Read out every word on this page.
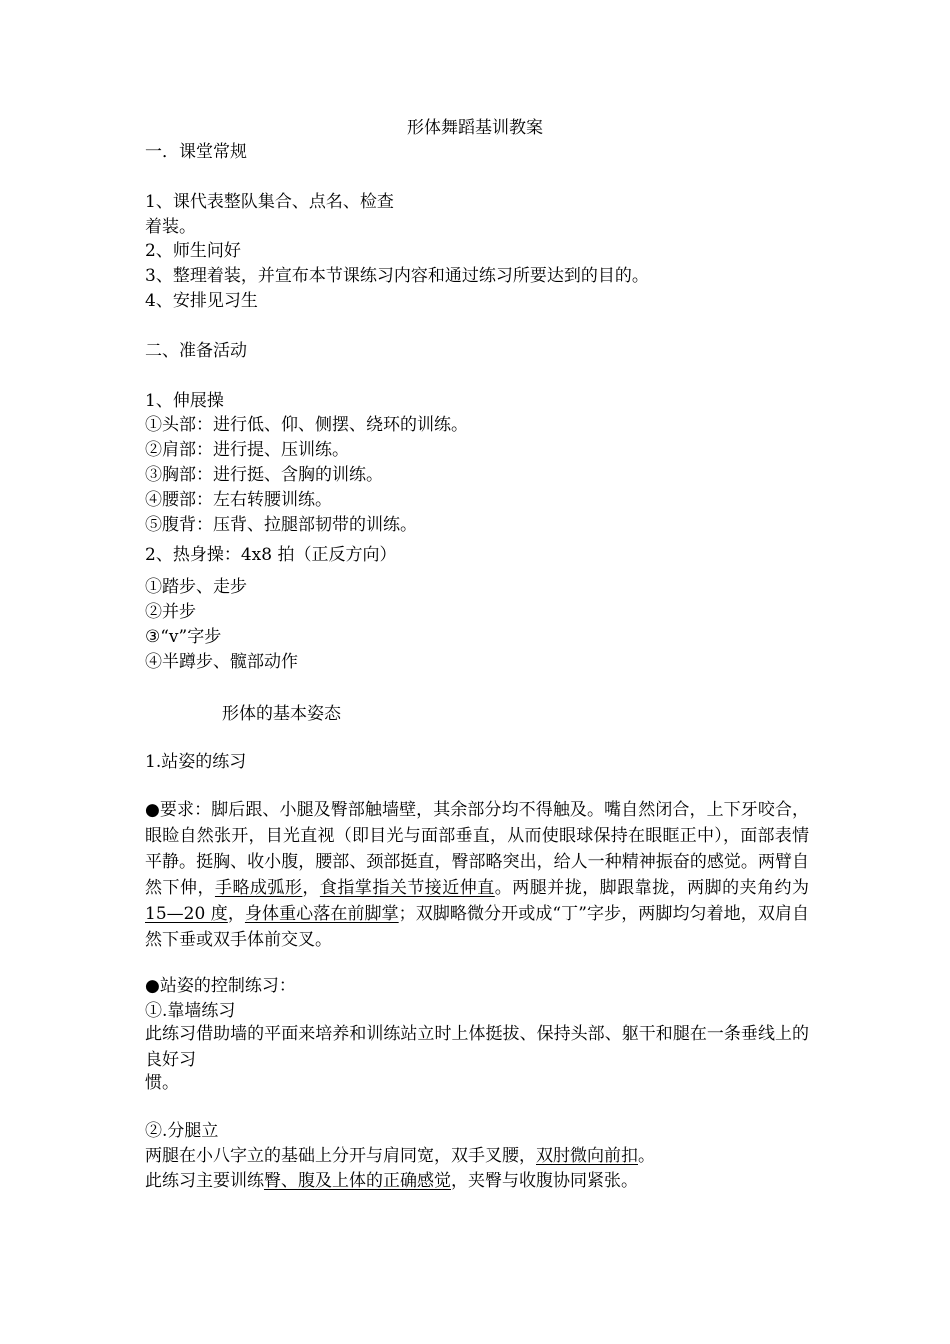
形体舞蹈基训教案
一．课堂常规
1、课代表整队集合、点名、检查
着装。
2、师生问好
3、整理着装，并宣布本节课练习内容和通过练习所要达到的目的。
4、安排见习生
二、准备活动
1、伸展操
①头部：进行低、仰、侧摆、绕环的训练。
②肩部：进行提、压训练。
③胸部：进行挺、含胸的训练。
④腰部：左右转腰训练。
⑤腹背：压背、拉腿部韧带的训练。
2、热身操：4x8 拍（正反方向）
①踏步、走步
②并步
③“v”字步
④半蹲步、髋部动作
形体的基本姿态
1.站姿的练习
●要求：脚后跟、小腿及臀部触墙壁，其余部分均不得触及。嘴自然闭合，上下牙咬合，眼睑自然张开，目光直视（即目光与面部垂直，从而使眼球保持在眼眶正中），面部表情平静。挺胸、收小腹，腰部、颈部挺直，臀部略突出，给人一种精神振奋的感觉。两臂自然下伸，手略成弧形，食指掌指关节接近伸直。两腿并拢，脚跟靠拢，两脚的夹角约为 15—20 度，身体重心落在前脚掌；双脚略微分开或成“丁”字步，两脚均匀着地，双肩自然下垂或双手体前交叉。
●站姿的控制练习：
①.靠墙练习
此练习借助墙的平面来培养和训练站立时上体挺拔、保持头部、躯干和腿在一条垂线上的良好习
惯。
②.分腿立
两腿在小八字立的基础上分开与肩同宽，双手叉腰，双肘微向前扣。
此练习主要训练臀、腹及上体的正确感觉，夹臀与收腹协同紧张。
